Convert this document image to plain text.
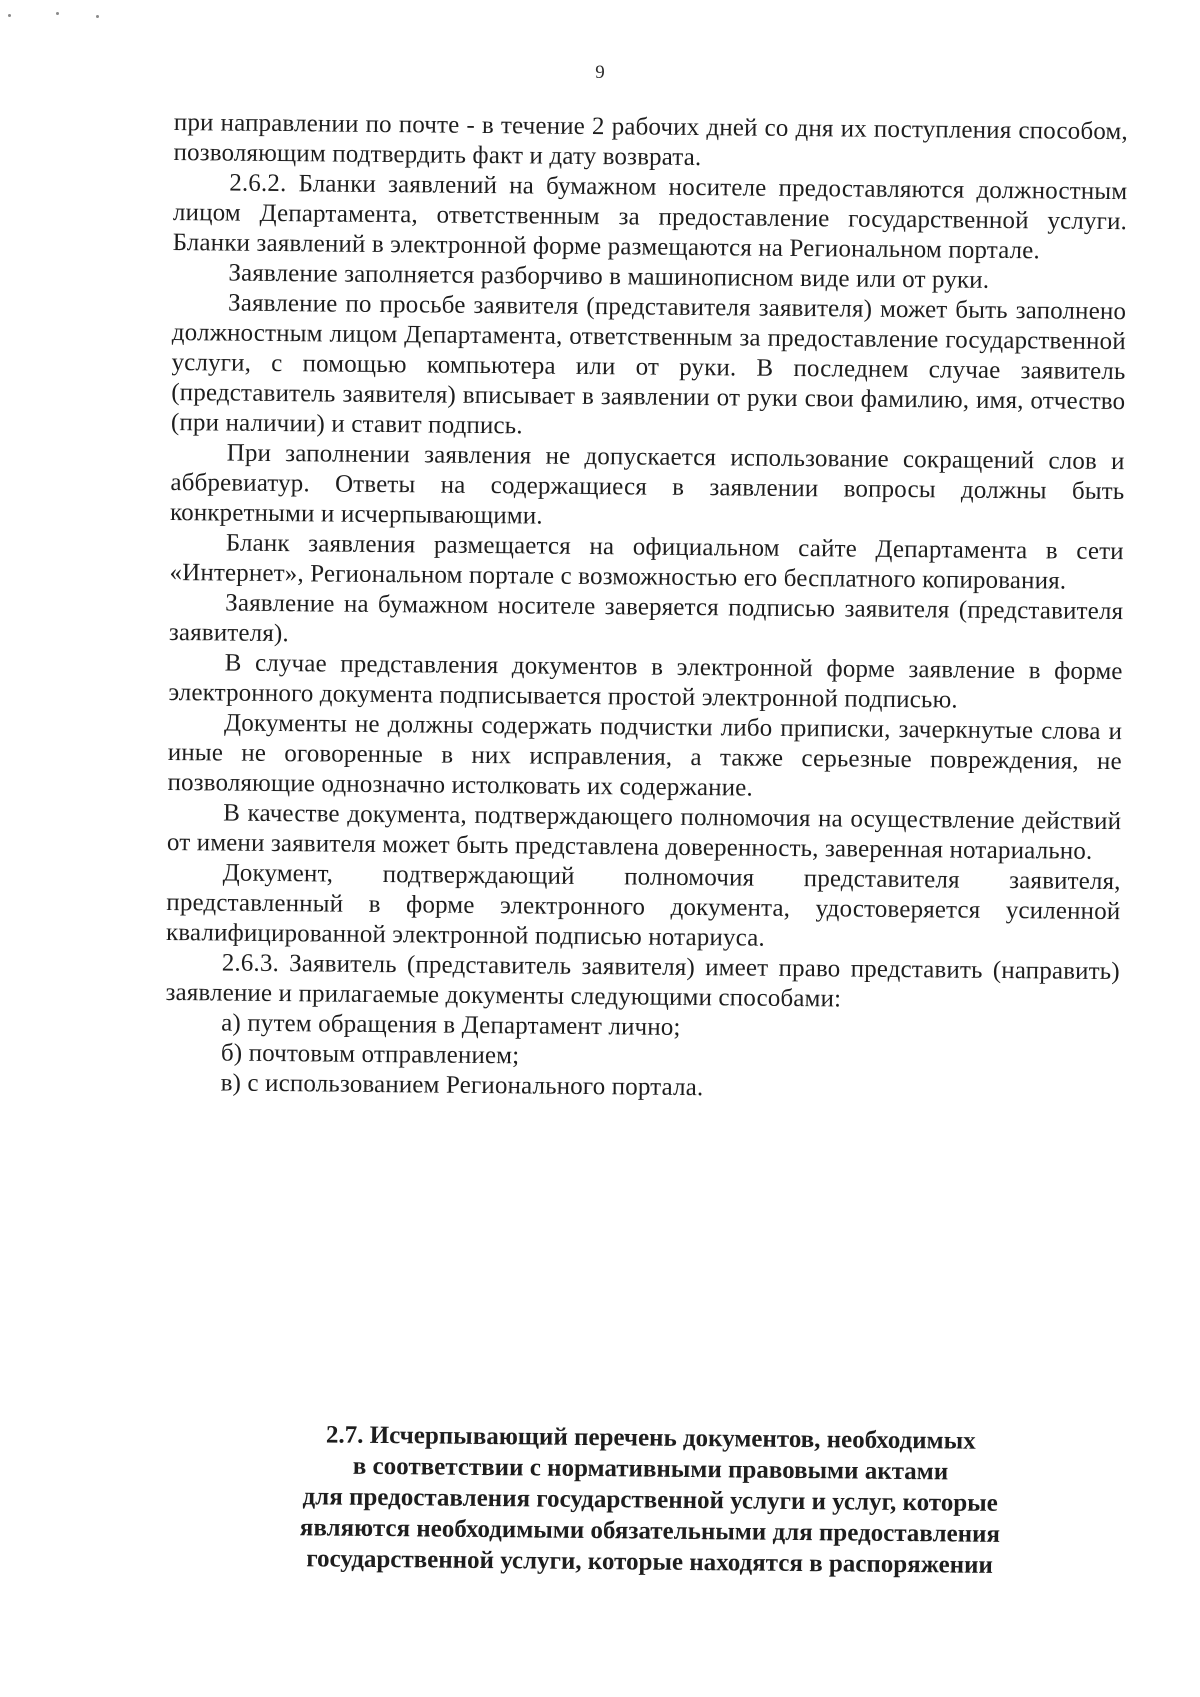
9

при направлении по почте - в течение 2 рабочих дней со дня их поступления способом, позволяющим подтвердить факт и дату возврата.

2.6.2. Бланки заявлений на бумажном носителе предоставляются должностным лицом Департамента, ответственным за предоставление государственной услуги. Бланки заявлений в электронной форме размещаются на Региональном портале.

Заявление заполняется разборчиво в машинописном виде или от руки.

Заявление по просьбе заявителя (представителя заявителя) может быть заполнено должностным лицом Департамента, ответственным за предоставление государственной услуги, с помощью компьютера или от руки. В последнем случае заявитель (представитель заявителя) вписывает в заявлении от руки свои фамилию, имя, отчество (при наличии) и ставит подпись.

При заполнении заявления не допускается использование сокращений слов и аббревиатур. Ответы на содержащиеся в заявлении вопросы должны быть конкретными и исчерпывающими.

Бланк заявления размещается на официальном сайте Департамента в сети «Интернет», Региональном портале с возможностью его бесплатного копирования.

Заявление на бумажном носителе заверяется подписью заявителя (представителя заявителя).

В случае представления документов в электронной форме заявление в форме электронного документа подписывается простой электронной подписью.

Документы не должны содержать подчистки либо приписки, зачеркнутые слова и иные не оговоренные в них исправления, а также серьезные повреждения, не позволяющие однозначно истолковать их содержание.

В качестве документа, подтверждающего полномочия на осуществление действий от имени заявителя может быть представлена доверенность, заверенная нотариально.

Документ, подтверждающий полномочия представителя заявителя, представленный в форме электронного документа, удостоверяется усиленной квалифицированной электронной подписью нотариуса.

2.6.3. Заявитель (представитель заявителя) имеет право представить (направить) заявление и прилагаемые документы следующими способами:

а) путем обращения в Департамент лично;

б) почтовым отправлением;

в) с использованием Регионального портала.

2.7. Исчерпывающий перечень документов, необходимых
в соответствии с нормативными правовыми актами
для предоставления государственной услуги и услуг, которые
являются необходимыми обязательными для предоставления
государственной услуги, которые находятся в распоряжении
